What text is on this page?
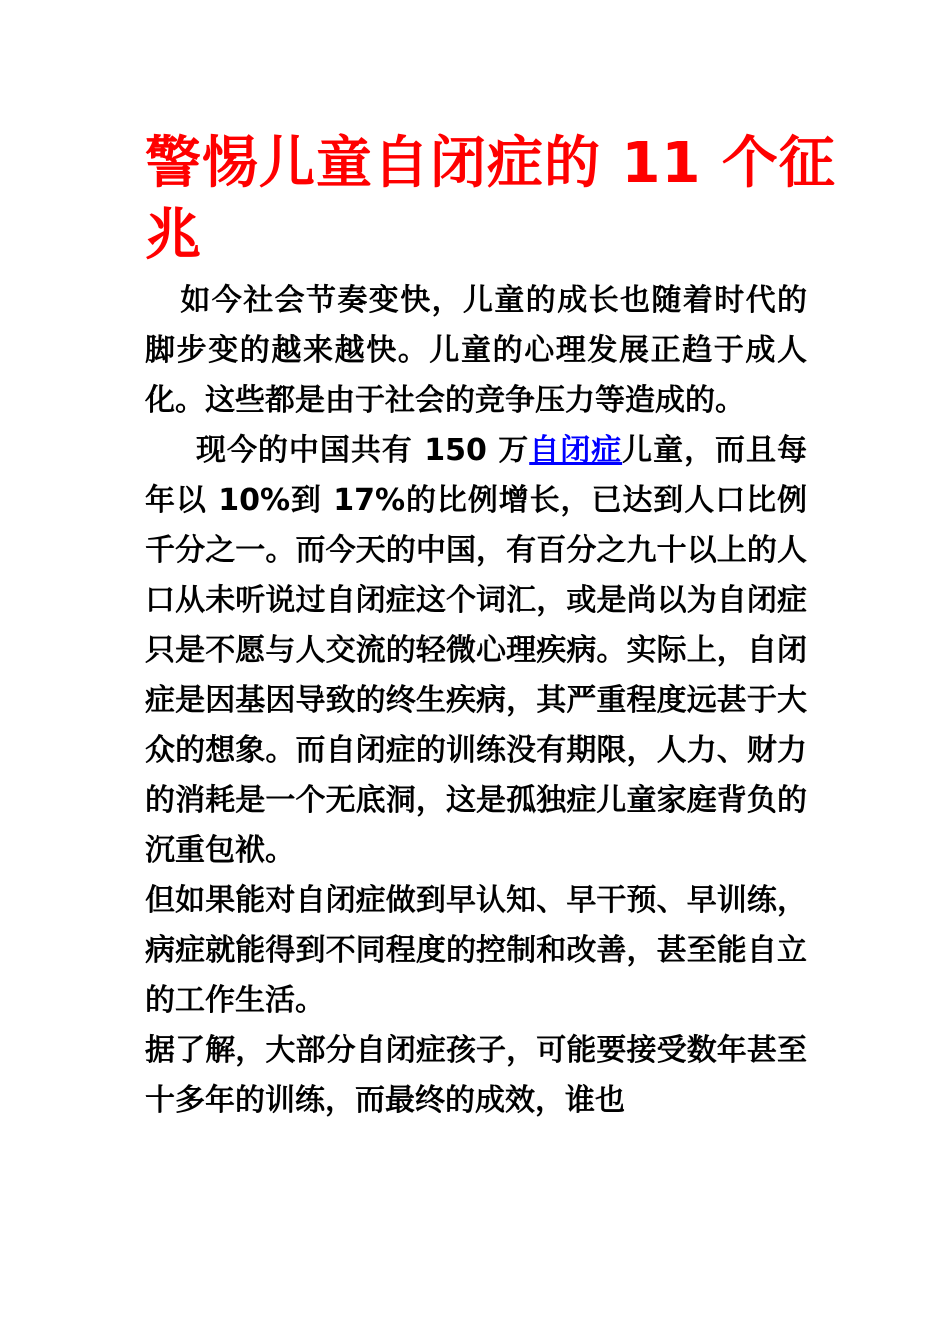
警惕儿童自闭症的 11 个征兆

如今社会节奏变快，儿童的成长也随着时代的脚步变的越来越快。儿童的心理发展正趋于成人化。这些都是由于社会的竞争压力等造成的。

现今的中国共有 150 万自闭症儿童，而且每年以 10%到 17%的比例增长，已达到人口比例千分之一。而今天的中国，有百分之九十以上的人口从未听说过自闭症这个词汇，或是尚以为自闭症只是不愿与人交流的轻微心理疾病。实际上，自闭症是因基因导致的终生疾病，其严重程度远甚于大众的想象。而自闭症的训练没有期限，人力、财力的消耗是一个无底洞，这是孤独症儿童家庭背负的沉重包袱。

但如果能对自闭症做到早认知、早干预、早训练，病症就能得到不同程度的控制和改善，甚至能自立的工作生活。

据了解，大部分自闭症孩子，可能要接受数年甚至十多年的训练，而最终的成效，谁也
